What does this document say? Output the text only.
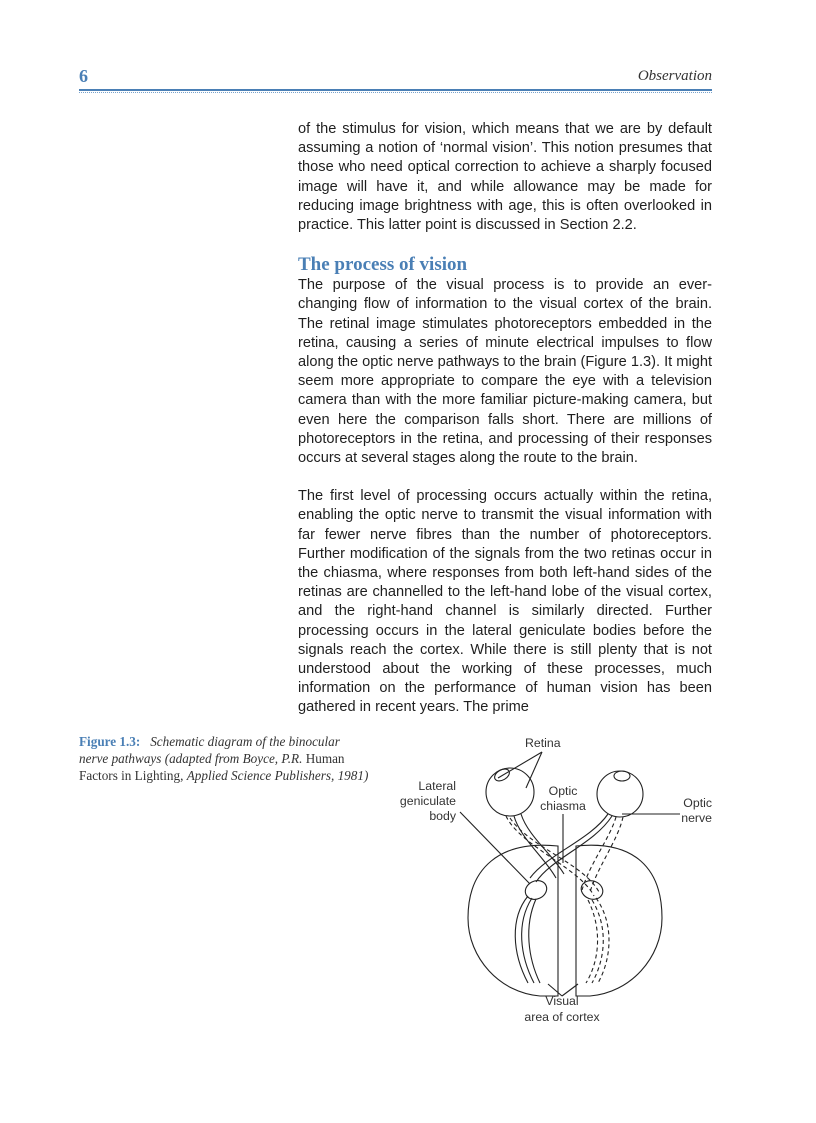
6	Observation

of the stimulus for vision, which means that we are by default assuming a notion of ‘normal vision’. This notion presumes that those who need optical correction to achieve a sharply focused image will have it, and while allowance may be made for reducing image brightness with age, this is often overlooked in practice. This latter point is discussed in Section 2.2.

The process of vision

The purpose of the visual process is to provide an ever-changing flow of information to the visual cortex of the brain. The retinal image stimulates photoreceptors embedded in the retina, causing a series of minute electrical impulses to flow along the optic nerve pathways to the brain (Figure 1.3). It might seem more appropriate to compare the eye with a television camera than with the more familiar picture-making camera, but even here the comparison falls short. There are millions of photoreceptors in the retina, and processing of their responses occurs at several stages along the route to the brain.

The first level of processing occurs actually within the retina, enabling the optic nerve to transmit the visual information with far fewer nerve fibres than the number of photoreceptors. Further modification of the signals from the two retinas occur in the chiasma, where responses from both left-hand sides of the retinas are channelled to the left-hand lobe of the visual cortex, and the right-hand channel is similarly directed. Further processing occurs in the lateral geniculate bodies before the signals reach the cortex. While there is still plenty that is not understood about the working of these processes, much information on the performance of human vision has been gathered in recent years. The prime

Figure 1.3: Schematic diagram of the binocular nerve pathways (adapted from Boyce, P.R. Human Factors in Lighting, Applied Science Publishers, 1981)
Retina
Lateral
geniculate
body
Optic
chiasma	Optic
nerve
Visual
area of cortex
